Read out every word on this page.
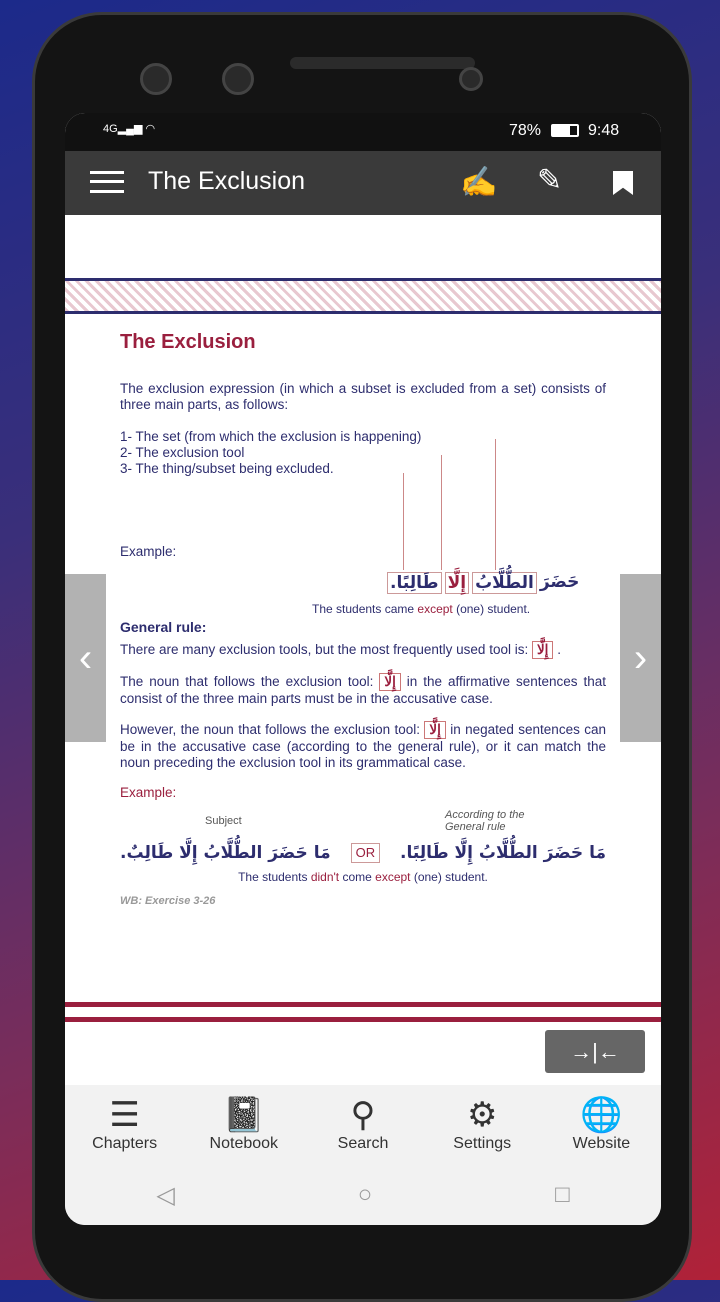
4G▂▄▆ ◠	78%	9:48
The Exclusion	✍ ✎
The Exclusion
The exclusion expression (in which a subset is excluded from a set) consists of three main parts, as follows:
1- The set (from which the exclusion is happening)
2- The exclusion tool
3- The thing/subset being excluded.
Example:
حَضَرَ
الطُّلَّابُ
إِلَّا
طَالِبًا.
The students came except (one) student.
General rule:
There are many exclusion tools, but the most frequently used tool is: إِلَّا .
The noun that follows the exclusion tool: إِلَّا in the affirmative sentences that consist of the three main parts must be in the accusative case.
However, the noun that follows the exclusion tool: إِلَّا in negated sentences can be in the accusative case (according to the general rule), or it can match the noun preceding the exclusion tool in its grammatical case.
Example:
Subject	According to the General rule
مَا حَضَرَ الطُّلَّابُ إِلَّا طَالِبٌ.	OR مَا حَضَرَ الطُّلَّابُ إِلَّا طَالِبًا.
The students didn't come except (one) student.
WB: Exercise 3-26
→|←
‹	›
☰
Chapters
📓
Notebook
⚲
Search
⚙
Settings
🌐
Website
◁	○	□
